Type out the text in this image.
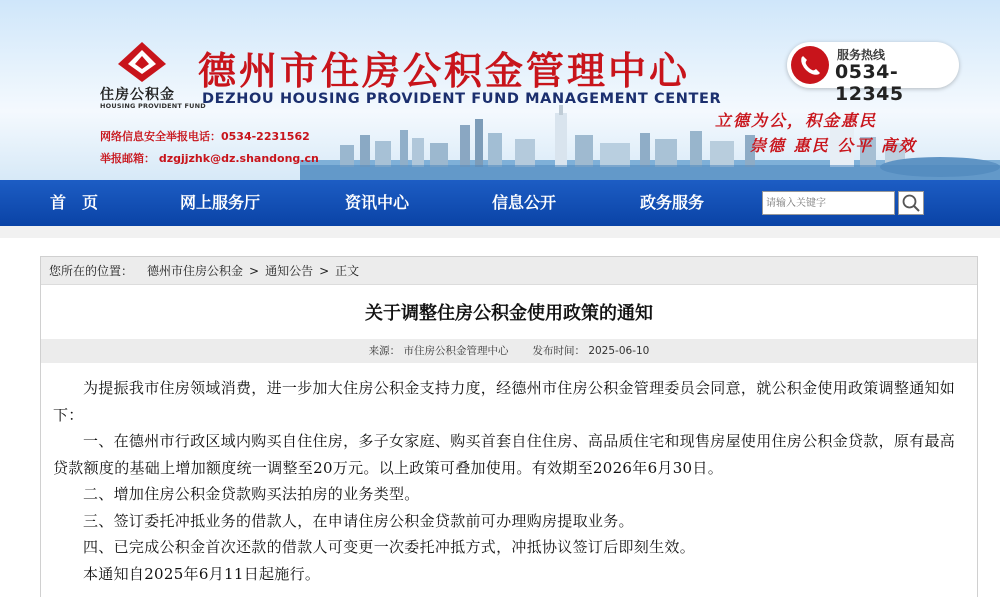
住房公积金
HOUSING PROVIDENT FUND
德州市住房公积金管理中心
DEZHOU HOUSING PROVIDENT FUND MANAGEMENT CENTER
网络信息安全举报电话：0534-2231562
举报邮箱： dzgjjzhk@dz.shandong.cn
服务热线
0534-12345
立德为公，积金惠民
崇德 惠民 公平 高效
首　页	网上服务厅	资讯中心	信息公开	政务服务
请输入关键字
您所在的位置： 德州市住房公积金 > 通知公告 > 正文
关于调整住房公积金使用政策的通知
来源： 市住房公积金管理中心 发布时间： 2025-06-10

为提振我市住房领域消费，进一步加大住房公积金支持力度，经德州市住房公积金管理委员会同意，就公积金使用政策调整通知如下：

一、在德州市行政区域内购买自住住房，多子女家庭、购买首套自住住房、高品质住宅和现售房屋使用住房公积金贷款，原有最高贷款额度的基础上增加额度统一调整至20万元。以上政策可叠加使用。有效期至2026年6月30日。

二、增加住房公积金贷款购买法拍房的业务类型。

三、签订委托冲抵业务的借款人，在申请住房公积金贷款前可办理购房提取业务。

四、已完成公积金首次还款的借款人可变更一次委托冲抵方式，冲抵协议签订后即刻生效。

本通知自2025年6月11日起施行。
